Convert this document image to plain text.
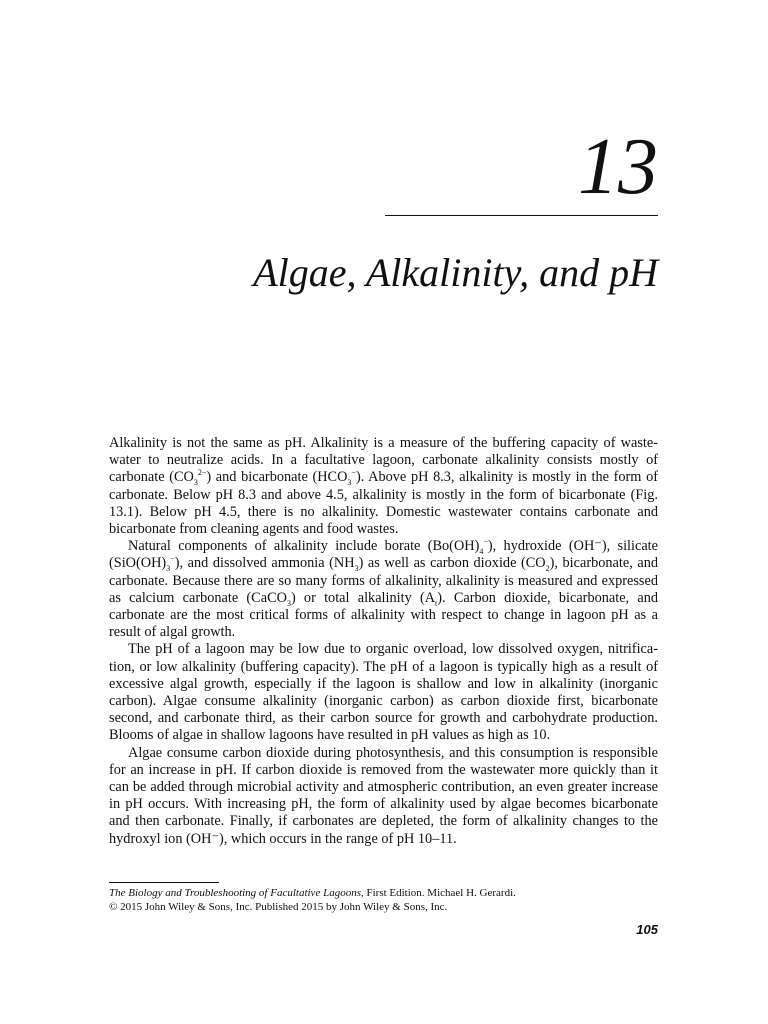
13
Algae, Alkalinity, and pH

Alkalinity is not the same as pH. Alkalinity is a measure of the buffering capacity of wastewater to neutralize acids. In a facultative lagoon, carbonate alkalinity consists mostly of carbonate $(CO_3^{2-})$ and bicarbonate $(HCO_3^-)$. Above pH 8.3, alkalinity is mostly in the form of carbonate. Below pH 8.3 and above 4.5, alkalinity is mostly in the form of bicarbonate (Fig. 13.1). Below pH 4.5, there is no alkalinity. Domestic wastewater contains carbonate and bicarbonate from cleaning agents and food wastes.

Natural components of alkalinity include borate $(Bo(OH)_4^-)$, hydroxide (OH⁻), silicate $(SiO(OH)_3^-)$, and dissolved ammonia $(NH_3)$ as well as carbon dioxide $(CO_2)$, bicarbonate, and carbonate. Because there are so many forms of alkalinity, alkalinity is measured and expressed as calcium carbonate (CaCO$_3$) or total alkalinity $(A_t)$. Carbon dioxide, bicarbonate, and carbonate are the most critical forms of alkalinity with respect to change in lagoon pH as a result of algal growth.

The pH of a lagoon may be low due to organic overload, low dissolved oxygen, nitrification, or low alkalinity (buffering capacity). The pH of a lagoon is typically high as a result of excessive algal growth, especially if the lagoon is shallow and low in alkalinity (inorganic carbon). Algae consume alkalinity (inorganic carbon) as carbon dioxide first, bicarbonate second, and carbonate third, as their carbon source for growth and carbohydrate production. Blooms of algae in shallow lagoons have resulted in pH values as high as 10.

Algae consume carbon dioxide during photosynthesis, and this consumption is responsible for an increase in pH. If carbon dioxide is removed from the wastewater more quickly than it can be added through microbial activity and atmospheric contribution, an even greater increase in pH occurs. With increasing pH, the form of alkalinity used by algae becomes bicarbonate and then carbonate. Finally, if carbonates are depleted, the form of alkalinity changes to the hydroxyl ion (OH⁻), which occurs in the range of pH 10–11.

The Biology and Troubleshooting of Facultative Lagoons, First Edition. Michael H. Gerardi.
© 2015 John Wiley & Sons, Inc. Published 2015 by John Wiley & Sons, Inc.
105
